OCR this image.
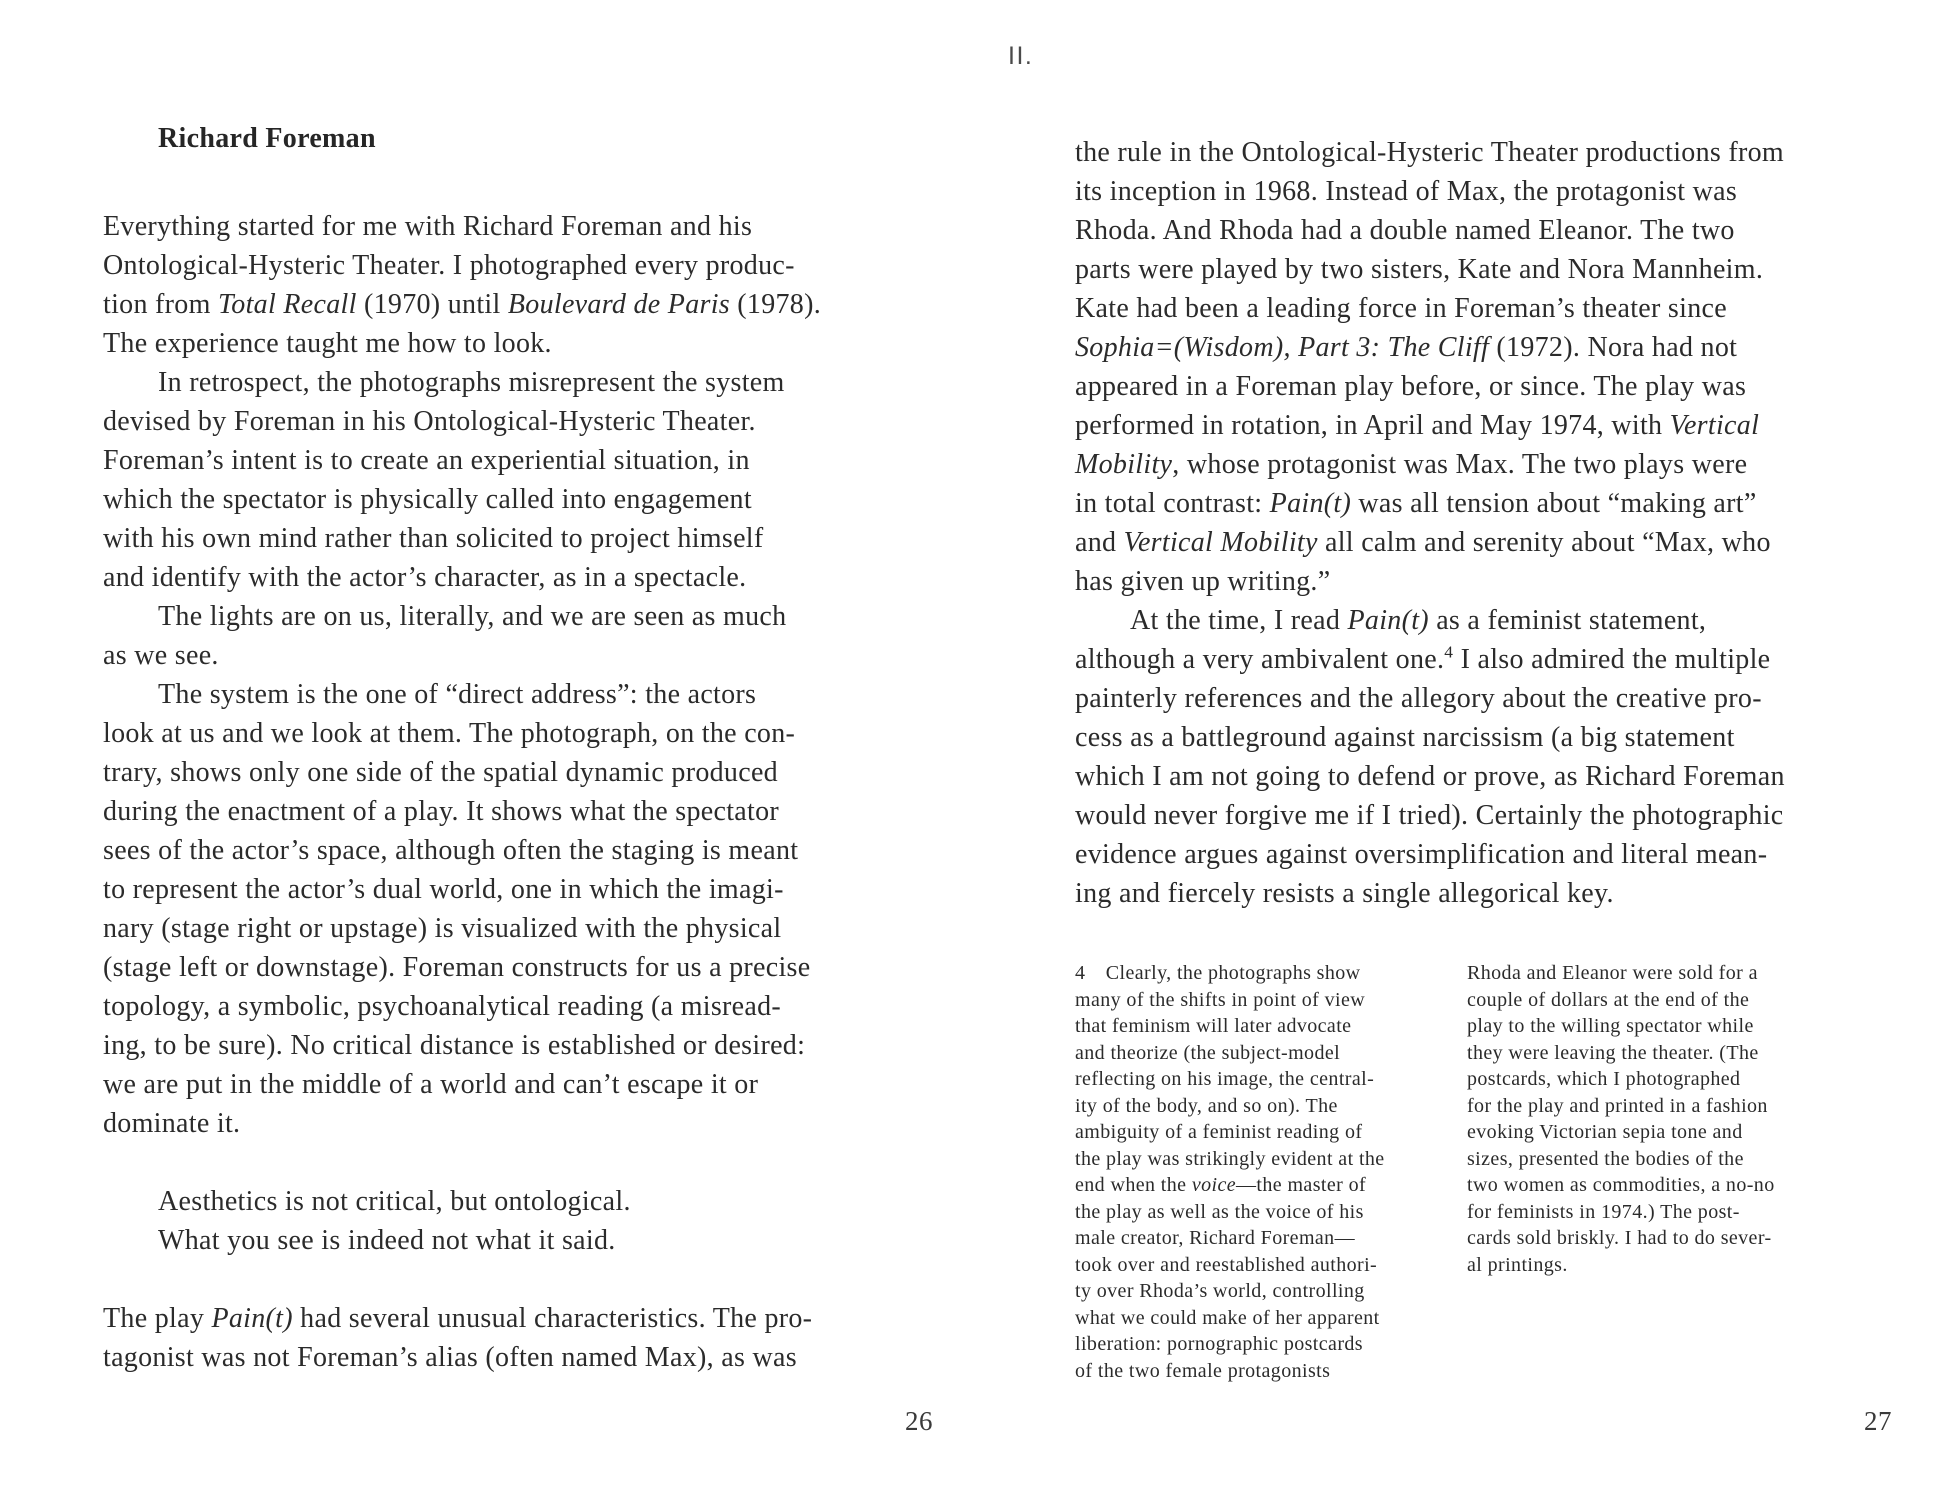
II.
Richard Foreman
Everything started for me with Richard Foreman and his
Ontological-Hysteric Theater. I photographed every produc-
tion from Total Recall (1970) until Boulevard de Paris (1978).
The experience taught me how to look.
In retrospect, the photographs misrepresent the system
devised by Foreman in his Ontological-Hysteric Theater.
Foreman’s intent is to create an experiential situation, in
which the spectator is physically called into engagement
with his own mind rather than solicited to project himself
and identify with the actor’s character, as in a spectacle.
The lights are on us, literally, and we are seen as much
as we see.
The system is the one of “direct address”: the actors
look at us and we look at them. The photograph, on the con-
trary, shows only one side of the spatial dynamic produced
during the enactment of a play. It shows what the spectator
sees of the actor’s space, although often the staging is meant
to represent the actor’s dual world, one in which the imagi-
nary (stage right or upstage) is visualized with the physical
(stage left or downstage). Foreman constructs for us a precise
topology, a symbolic, psychoanalytical reading (a misread-
ing, to be sure). No critical distance is established or desired:
we are put in the middle of a world and can’t escape it or
dominate it.
Aesthetics is not critical, but ontological.
What you see is indeed not what it said.
The play Pain(t) had several unusual characteristics. The pro-
tagonist was not Foreman’s alias (often named Max), as was
the rule in the Ontological-Hysteric Theater productions from
its inception in 1968. Instead of Max, the protagonist was
Rhoda. And Rhoda had a double named Eleanor. The two
parts were played by two sisters, Kate and Nora Mannheim.
Kate had been a leading force in Foreman’s theater since
Sophia=(Wisdom), Part 3: The Cliff (1972). Nora had not
appeared in a Foreman play before, or since. The play was
performed in rotation, in April and May 1974, with Vertical
Mobility, whose protagonist was Max. The two plays were
in total contrast: Pain(t) was all tension about “making art”
and Vertical Mobility all calm and serenity about “Max, who
has given up writing.”
At the time, I read Pain(t) as a feminist statement,
although a very ambivalent one.$^4$ I also admired the multiple
painterly references and the allegory about the creative pro-
cess as a battleground against narcissism (a big statement
which I am not going to defend or prove, as Richard Foreman
would never forgive me if I tried). Certainly the photographic
evidence argues against oversimplification and literal mean-
ing and fiercely resists a single allegorical key.
4 Clearly, the photographs show
many of the shifts in point of view
that feminism will later advocate
and theorize (the subject-model
reflecting on his image, the central-
ity of the body, and so on). The
ambiguity of a feminist reading of
the play was strikingly evident at the
end when the voice—the master of
the play as well as the voice of his
male creator, Richard Foreman—
took over and reestablished authori-
ty over Rhoda’s world, controlling
what we could make of her apparent
liberation: pornographic postcards
of the two female protagonists
Rhoda and Eleanor were sold for a
couple of dollars at the end of the
play to the willing spectator while
they were leaving the theater. (The
postcards, which I photographed
for the play and printed in a fashion
evoking Victorian sepia tone and
sizes, presented the bodies of the
two women as commodities, a no-no
for feminists in 1974.) The post-
cards sold briskly. I had to do sever-
al printings.
26	27
